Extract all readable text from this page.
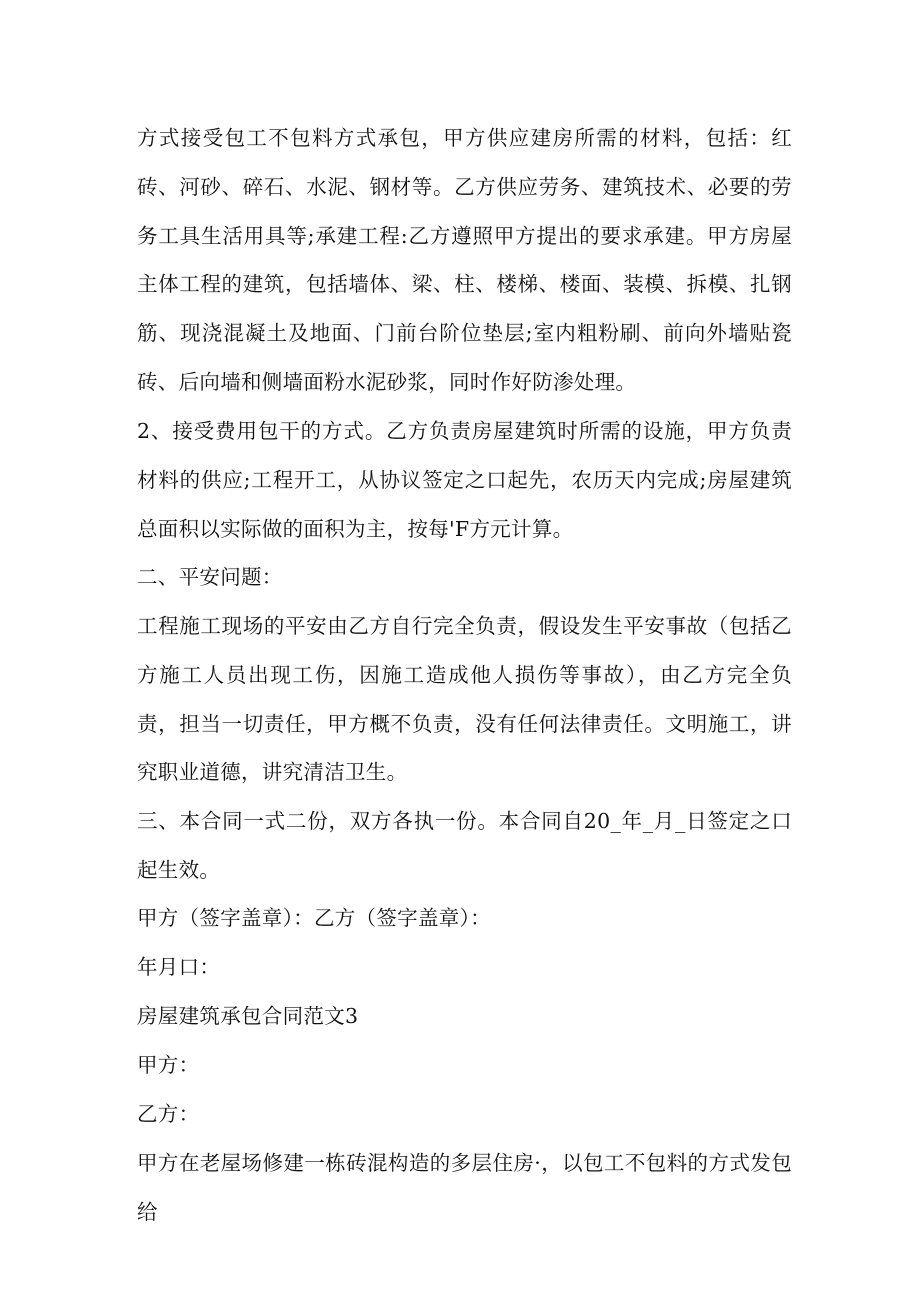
方式接受包工不包料方式承包，甲方供应建房所需的材料，包括：红砖、河砂、碎石、水泥、钢材等。乙方供应劳务、建筑技术、必要的劳务工具生活用具等;承建工程:乙方遵照甲方提出的要求承建。甲方房屋主体工程的建筑，包括墙体、梁、柱、楼梯、楼面、装模、拆模、扎钢筋、现浇混凝土及地面、门前台阶位垫层;室内粗粉刷、前向外墙贴瓷砖、后向墙和侧墙面粉水泥砂浆，同时作好防渗处理。

2、接受费用包干的方式。乙方负责房屋建筑时所需的设施，甲方负责材料的供应;工程开工，从协议签定之口起先，农历天内完成;房屋建筑总面积以实际做的面积为主，按每'F方元计算。

二、平安问题：

工程施工现场的平安由乙方自行完全负责，假设发生平安事故（包括乙方施工人员出现工伤，因施工造成他人损伤等事故），由乙方完全负责，担当一切责任，甲方概不负责，没有任何法律责任。文明施工，讲究职业道德，讲究清洁卫生。

三、本合同一式二份，双方各执一份。本合同自20_年_月_日签定之口起生效。

甲方（签字盖章）：乙方（签字盖章）：

年月口：

房屋建筑承包合同范文3

甲方：

乙方：

甲方在老屋场修建一栋砖混构造的多层住房·，以包工不包料的方式发包给
